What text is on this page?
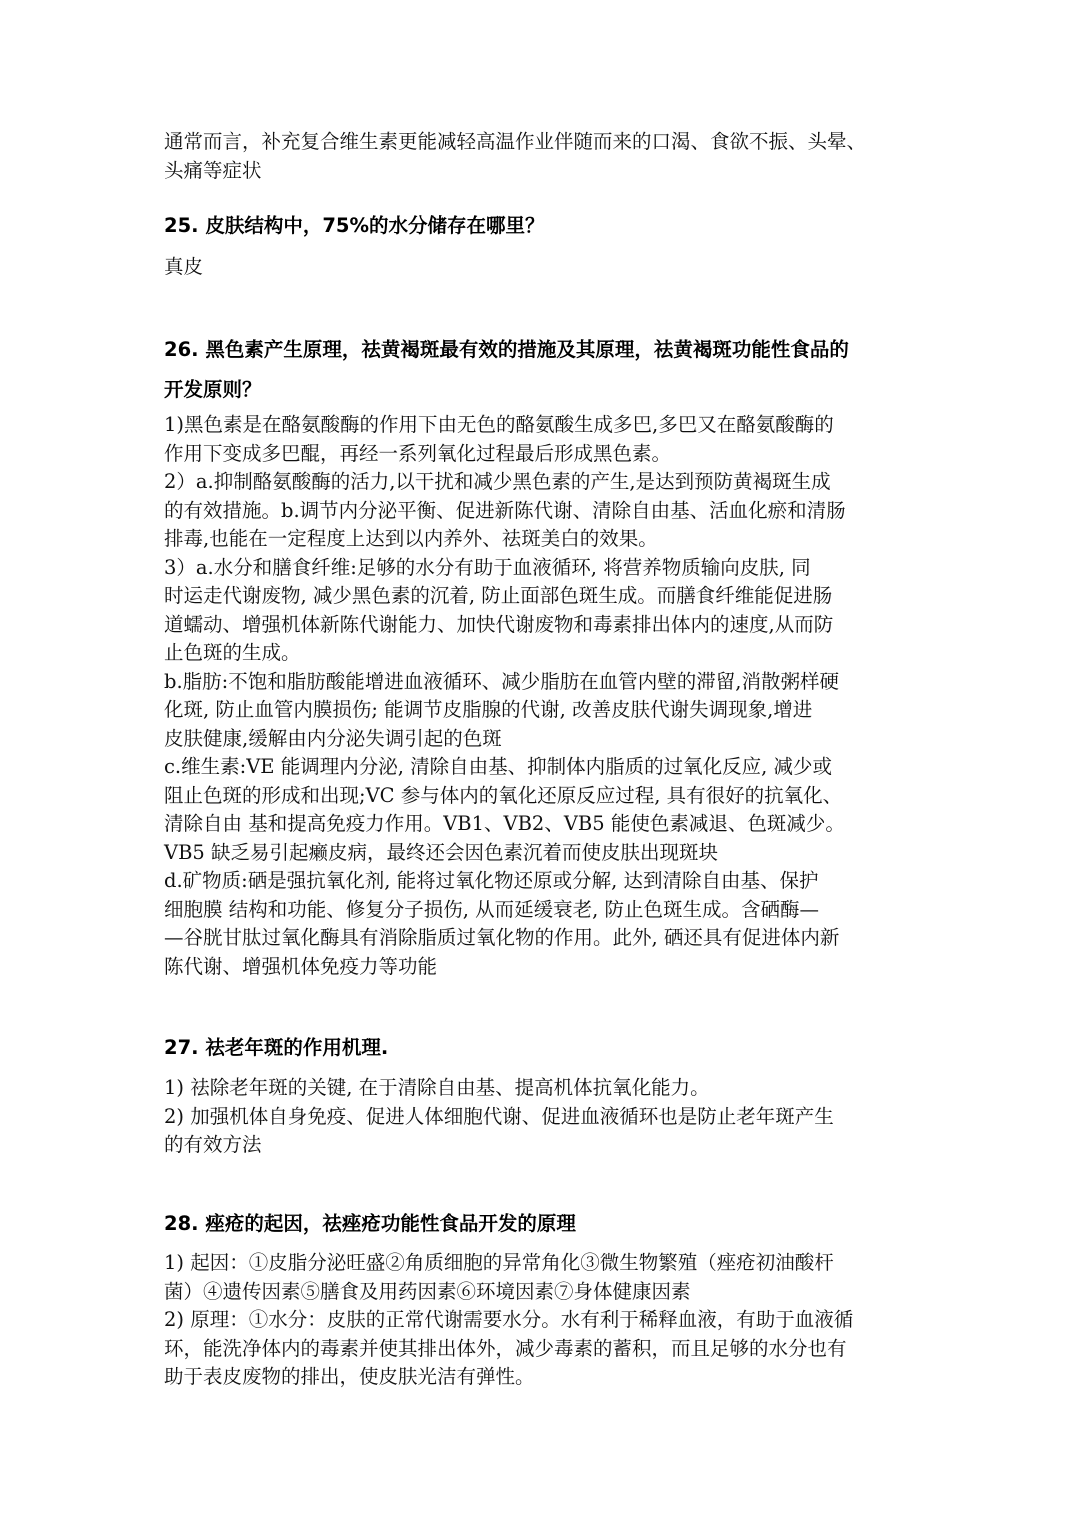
通常而言，补充复合维生素更能减轻高温作业伴随而来的口渴、食欲不振、头晕、
头痛等症状
25. 皮肤结构中，75%的水分储存在哪里？
真皮
26. 黑色素产生原理，祛黄褐斑最有效的措施及其原理，祛黄褐斑功能性食品的
开发原则？
1)黑色素是在酪氨酸酶的作用下由无色的酪氨酸生成多巴,多巴又在酪氨酸酶的
作用下变成多巴醌，再经一系列氧化过程最后形成黑色素。
2）a.抑制酪氨酸酶的活力,以干扰和减少黑色素的产生,是达到预防黄褐斑生成
的有效措施。b.调节内分泌平衡、促进新陈代谢、清除自由基、活血化瘀和清肠
排毒,也能在一定程度上达到以内养外、祛斑美白的效果。
3）a.水分和膳食纤维:足够的水分有助于血液循环, 将营养物质输向皮肤, 同
时运走代谢废物, 减少黑色素的沉着, 防止面部色斑生成。而膳食纤维能促进肠
道蠕动、增强机体新陈代谢能力、加快代谢废物和毒素排出体内的速度,从而防
止色斑的生成。
b.脂肪:不饱和脂肪酸能增进血液循环、减少脂肪在血管内壁的滞留,消散粥样硬
化斑, 防止血管内膜损伤; 能调节皮脂腺的代谢, 改善皮肤代谢失调现象,增进
皮肤健康,缓解由内分泌失调引起的色斑
c.维生素:VE 能调理内分泌, 清除自由基、抑制体内脂质的过氧化反应, 减少或
阻止色斑的形成和出现;VC 参与体内的氧化还原反应过程, 具有很好的抗氧化、
清除自由 基和提高免疫力作用。VB1、VB2、VB5 能使色素减退、色斑减少。
VB5 缺乏易引起癞皮病，最终还会因色素沉着而使皮肤出现斑块
d.矿物质:硒是强抗氧化剂, 能将过氧化物还原或分解, 达到清除自由基、保护
细胞膜 结构和功能、修复分子损伤, 从而延缓衰老, 防止色斑生成。含硒酶—
—谷胱甘肽过氧化酶具有消除脂质过氧化物的作用。此外, 硒还具有促进体内新
陈代谢、增强机体免疫力等功能
27. 祛老年斑的作用机理.
1) 祛除老年斑的关键, 在于清除自由基、提高机体抗氧化能力。
2) 加强机体自身免疫、促进人体细胞代谢、促进血液循环也是防止老年斑产生
的有效方法
28. 痤疮的起因，祛痤疮功能性食品开发的原理
1) 起因：①皮脂分泌旺盛②角质细胞的异常角化③微生物繁殖（痤疮初油酸杆
菌）④遗传因素⑤膳食及用药因素⑥环境因素⑦身体健康因素
2) 原理：①水分：皮肤的正常代谢需要水分。水有利于稀释血液，有助于血液循
环，能洗净体内的毒素并使其排出体外，减少毒素的蓄积，而且足够的水分也有
助于表皮废物的排出，使皮肤光洁有弹性。
